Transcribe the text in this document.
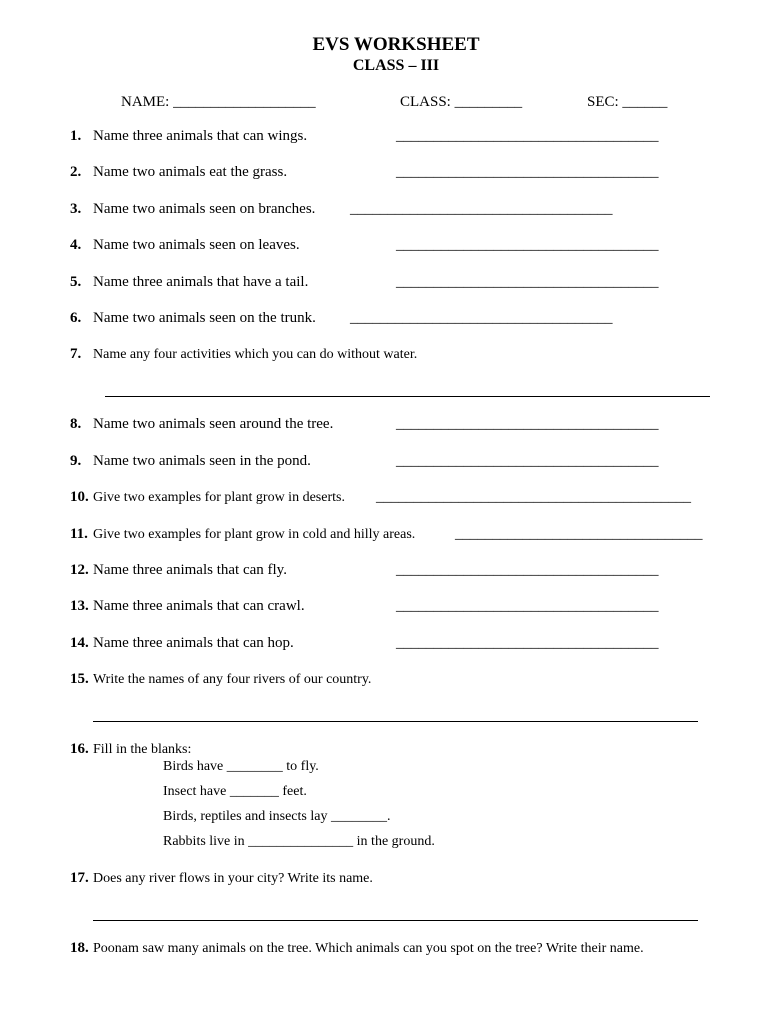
EVS WORKSHEET
CLASS – III
NAME: ___________________	CLASS: _________	SEC: ______
1. Name three animals that can wings.	___________________________________
2. Name two animals eat the grass.	___________________________________
3. Name two animals seen on branches. ___________________________________
4. Name two animals seen on leaves.	___________________________________
5. Name three animals that have a tail.	___________________________________
6. Name two animals seen on the trunk. ___________________________________
7. Name any four activities which you can do without water.
8. Name two animals seen around the tree.	___________________________________
9. Name two animals seen in the pond.	___________________________________
10. Give two examples for plant grow in deserts. __________________________________________
11. Give two examples for plant grow in cold and hilly areas.	_________________________________
12. Name three animals that can fly.	___________________________________
13. Name three animals that can crawl.	___________________________________
14. Name three animals that can hop.	___________________________________
15. Write the names of any four rivers of our country.
16. Fill in the blanks:
Birds have ________ to fly.
Insect have _______ feet.
Birds, reptiles and insects lay ________.
Rabbits live in _______________ in the ground.
17. Does any river flows in your city? Write its name.
18. Poonam saw many animals on the tree. Which animals can you spot on the tree? Write their name.
